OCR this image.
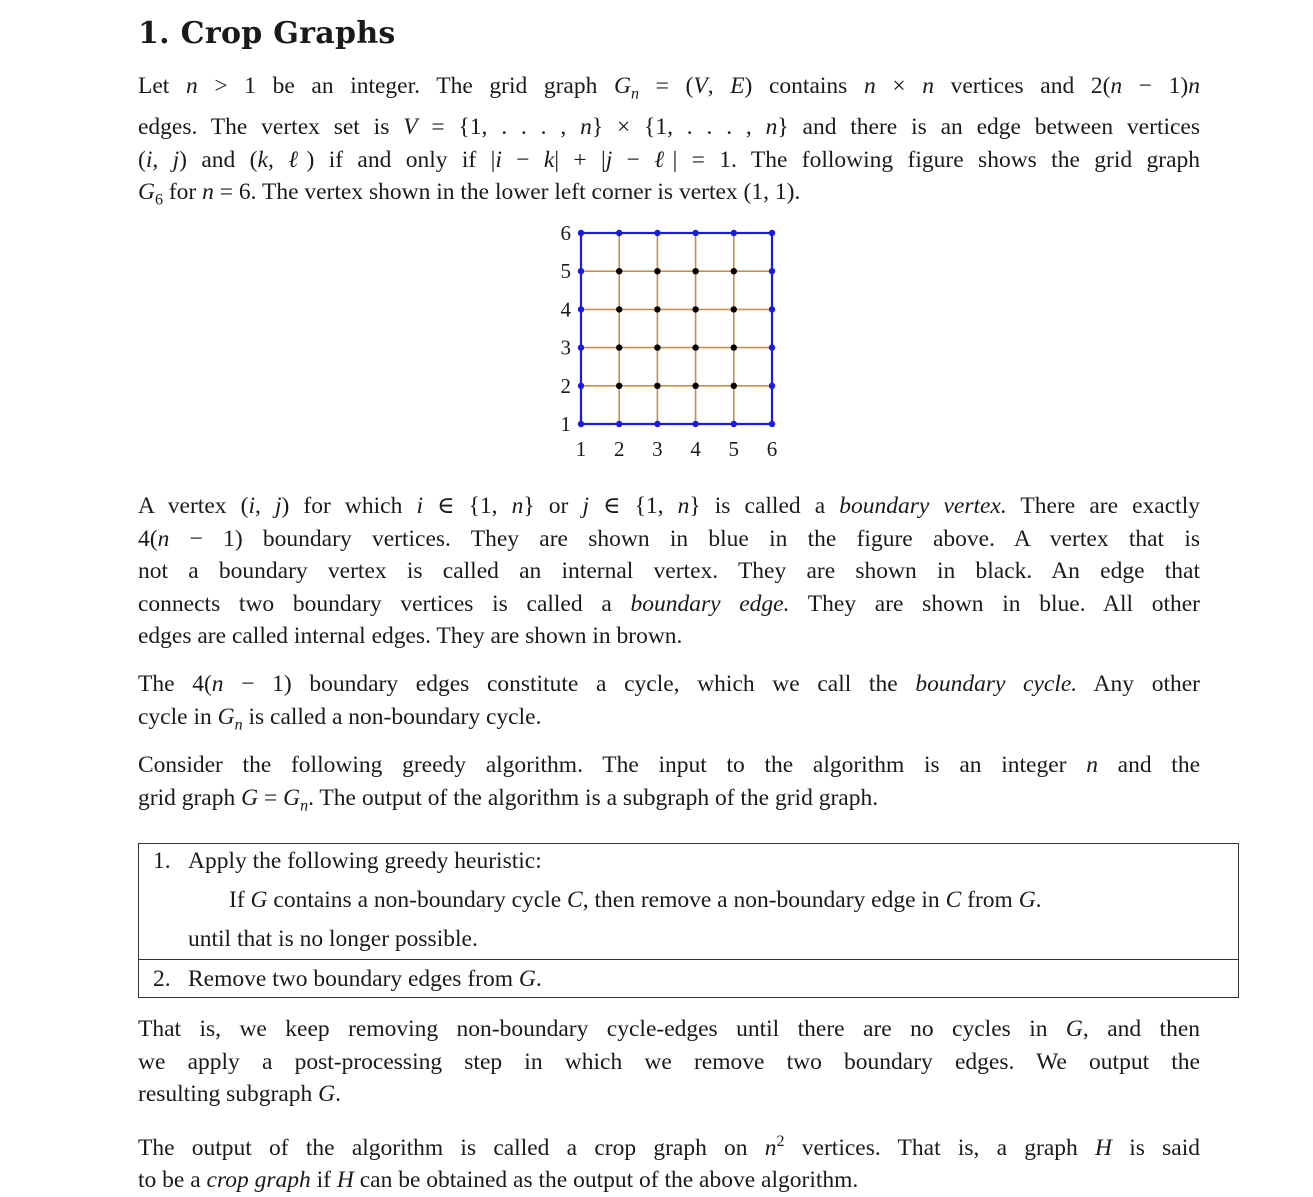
1. Crop Graphs

Let n > 1 be an integer. The grid graph $G_n = (V$, E) contains n × n vertices and 2(n − 1)n
edges. The vertex set is V = {1, . . . , n} × {1, . . . , n} and there is an edge between vertices
(i, j) and (k, ℓ) if and only if |i − k| + |j − ℓ| = 1. The following figure shows the grid graph
$G_6$ for n = 6. The vertex shown in the lower left corner is vertex (1, 1).

A vertex (i, j) for which i ∈ {1, n} or j ∈ {1, n} is called a boundary vertex. There are exactly
4(n − 1) boundary vertices. They are shown in blue in the figure above. A vertex that is
not a boundary vertex is called an internal vertex. They are shown in black. An edge that
connects two boundary vertices is called a boundary edge. They are shown in blue. All other
edges are called internal edges. They are shown in brown.

The 4(n − 1) boundary edges constitute a cycle, which we call the boundary cycle. Any other
cycle in $G_n$ is called a non-boundary cycle.

Consider the following greedy algorithm. The input to the algorithm is an integer n and the
grid graph $G = G_n$. The output of the algorithm is a subgraph of the grid graph.

1. Apply the following greedy heuristic:
If G contains a non-boundary cycle C, then remove a non-boundary edge in C from G.
until that is no longer possible.
2. Remove two boundary edges from G.

That is, we keep removing non-boundary cycle-edges until there are no cycles in G, and then
we apply a post-processing step in which we remove two boundary edges. We output the
resulting subgraph G.

The output of the algorithm is called a crop graph on $n^2$ vertices. That is, a graph H is said
to be a crop graph if H can be obtained as the output of the above algorithm.

1
2
3
4
5
6
1 2 3 4 5 6
